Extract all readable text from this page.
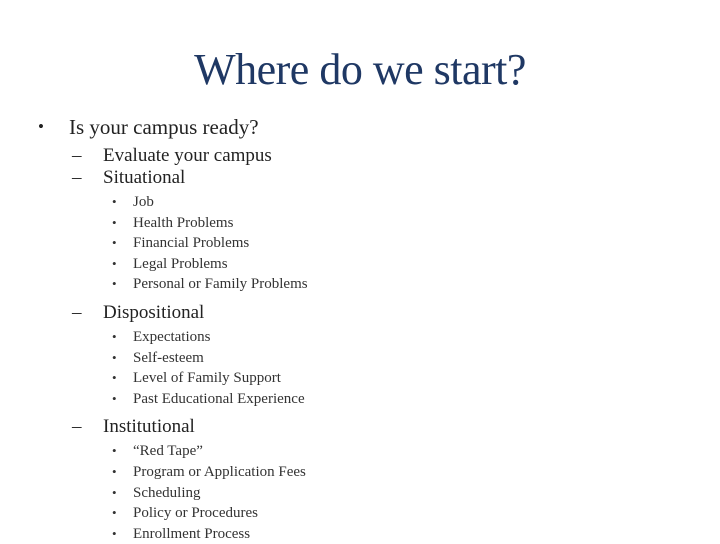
Where do we start?
• Is your campus ready?
– Evaluate your campus
– Situational
• Job
• Health Problems
• Financial Problems
• Legal Problems
• Personal or Family Problems
– Dispositional
• Expectations
• Self-esteem
• Level of Family Support
• Past Educational Experience
– Institutional
• “Red Tape”
• Program or Application Fees
• Scheduling
• Policy or Procedures
• Enrollment Process
